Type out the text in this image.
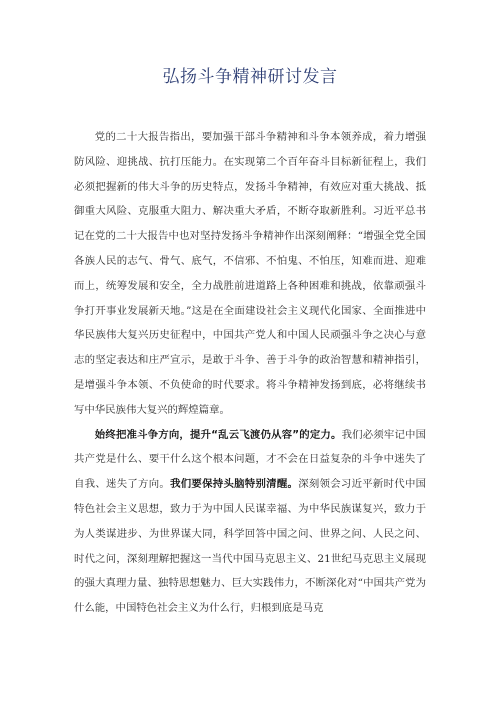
弘扬斗争精神研讨发言

党的二十大报告指出，要加强干部斗争精神和斗争本领养成，着力增强防风险、迎挑战、抗打压能力。在实现第二个百年奋斗目标新征程上，我们必须把握新的伟大斗争的历史特点，发扬斗争精神，有效应对重大挑战、抵御重大风险、克服重大阻力、解决重大矛盾，不断夺取新胜利。习近平总书记在党的二十大报告中也对坚持发扬斗争精神作出深刻阐释：“增强全党全国各族人民的志气、骨气、底气，不信邪、不怕鬼、不怕压，知难而进、迎难而上，统筹发展和安全，全力战胜前进道路上各种困难和挑战，依靠顽强斗争打开事业发展新天地。”这是在全面建设社会主义现代化国家、全面推进中华民族伟大复兴历史征程中，中国共产党人和中国人民顽强斗争之决心与意志的坚定表达和庄严宣示，是敢于斗争、善于斗争的政治智慧和精神指引，是增强斗争本领、不负使命的时代要求。将斗争精神发扬到底，必将继续书写中华民族伟大复兴的辉煌篇章。

始终把准斗争方向，提升“乱云飞渡仍从容”的定力。我们必须牢记中国共产党是什么、要干什么这个根本问题，才不会在日益复杂的斗争中迷失了自我、迷失了方向。我们要保持头脑特别清醒。深刻领会习近平新时代中国特色社会主义思想，致力于为中国人民谋幸福、为中华民族谋复兴，致力于为人类谋进步、为世界谋大同，科学回答中国之问、世界之问、人民之问、时代之问，深刻理解把握这一当代中国马克思主义、21世纪马克思主义展现的强大真理力量、独特思想魅力、巨大实践伟力，不断深化对“中国共产党为什么能，中国特色社会主义为什么行，归根到底是马克
